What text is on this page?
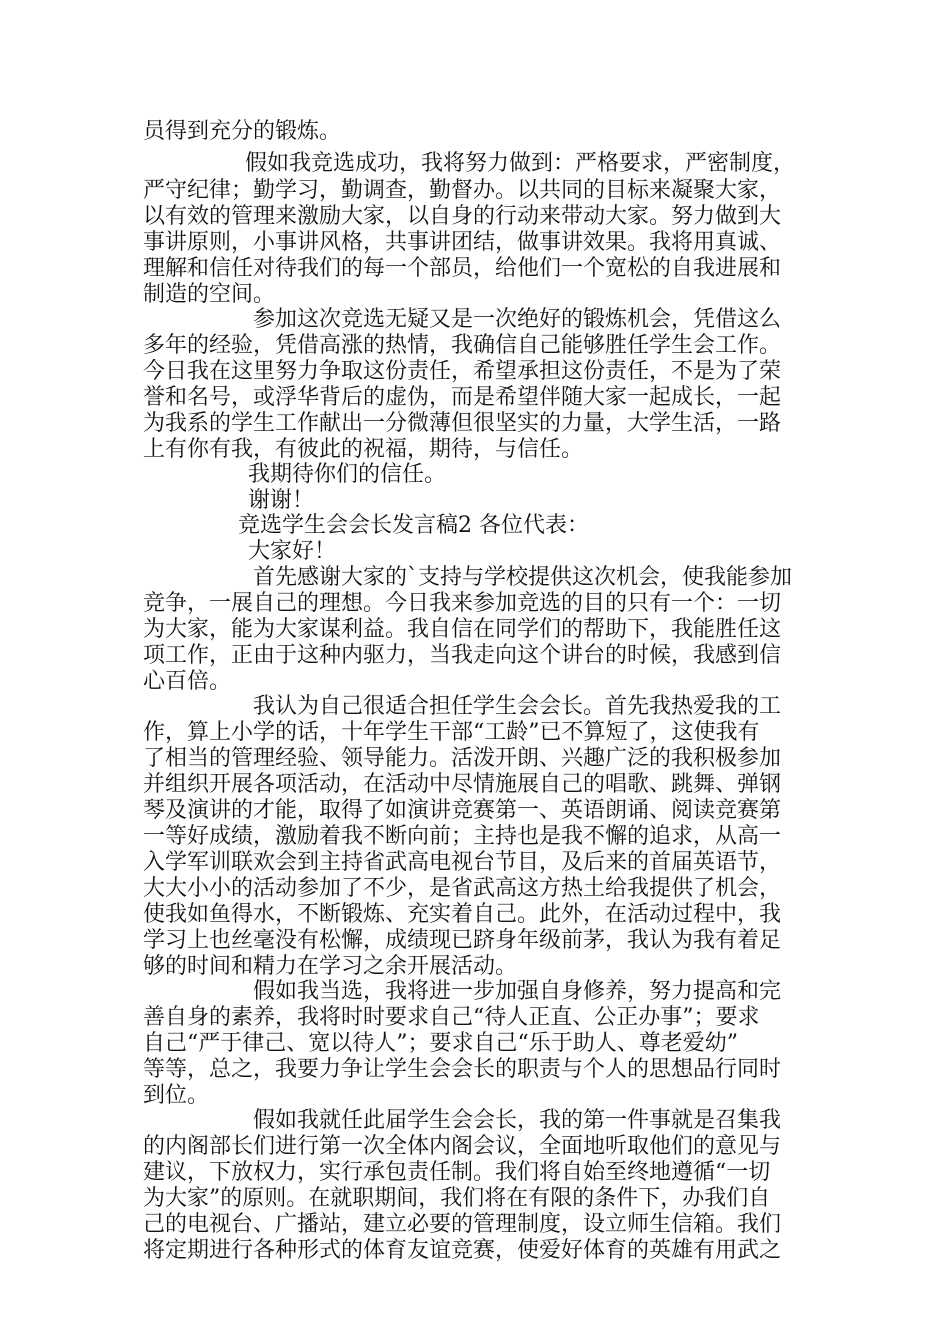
员得到充分的锻炼。
假如我竞选成功，我将努力做到：严格要求，严密制度，
严守纪律；勤学习，勤调查，勤督办。以共同的目标来凝聚大家，
以有效的管理来激励大家，以自身的行动来带动大家。努力做到大
事讲原则，小事讲风格，共事讲团结，做事讲效果。我将用真诚、
理解和信任对待我们的每一个部员，给他们一个宽松的自我进展和
制造的空间。
参加这次竞选无疑又是一次绝好的锻炼机会，凭借这么
多年的经验，凭借高涨的热情，我确信自己能够胜任学生会工作。
今日我在这里努力争取这份责任，希望承担这份责任，不是为了荣
誉和名号，或浮华背后的虚伪，而是希望伴随大家一起成长，一起
为我系的学生工作献出一分微薄但很坚实的力量，大学生活，一路
上有你有我，有彼此的祝福，期待，与信任。
我期待你们的信任。
谢谢！
竞选学生会会长发言稿2 各位代表：
大家好！
首先感谢大家的`支持与学校提供这次机会，使我能参加
竞争，一展自己的理想。今日我来参加竞选的目的只有一个：一切
为大家，能为大家谋利益。我自信在同学们的帮助下，我能胜任这
项工作，正由于这种内驱力，当我走向这个讲台的时候，我感到信
心百倍。
我认为自己很适合担任学生会会长。首先我热爱我的工
作，算上小学的话，十年学生干部“工龄”已不算短了，这使我有
了相当的管理经验、领导能力。活泼开朗、兴趣广泛的我积极参加
并组织开展各项活动，在活动中尽情施展自己的唱歌、跳舞、弹钢
琴及演讲的才能，取得了如演讲竞赛第一、英语朗诵、阅读竞赛第
一等好成绩，激励着我不断向前；主持也是我不懈的追求，从高一
入学军训联欢会到主持省武高电视台节目，及后来的首届英语节，
大大小小的活动参加了不少，是省武高这方热土给我提供了机会，
使我如鱼得水，不断锻炼、充实着自己。此外，在活动过程中，我
学习上也丝毫没有松懈，成绩现已跻身年级前茅，我认为我有着足
够的时间和精力在学习之余开展活动。
假如我当选，我将进一步加强自身修养，努力提高和完
善自身的素养，我将时时要求自己“待人正直、公正办事”；要求
自己“严于律己、宽以待人”；要求自己“乐于助人、尊老爱幼”
等等，总之，我要力争让学生会会长的职责与个人的思想品行同时
到位。
假如我就任此届学生会会长，我的第一件事就是召集我
的内阁部长们进行第一次全体内阁会议，全面地听取他们的意见与
建议，下放权力，实行承包责任制。我们将自始至终地遵循“一切
为大家”的原则。在就职期间，我们将在有限的条件下，办我们自
己的电视台、广播站，建立必要的管理制度，设立师生信箱。我们
将定期进行各种形式的体育友谊竞赛，使爱好体育的英雄有用武之
